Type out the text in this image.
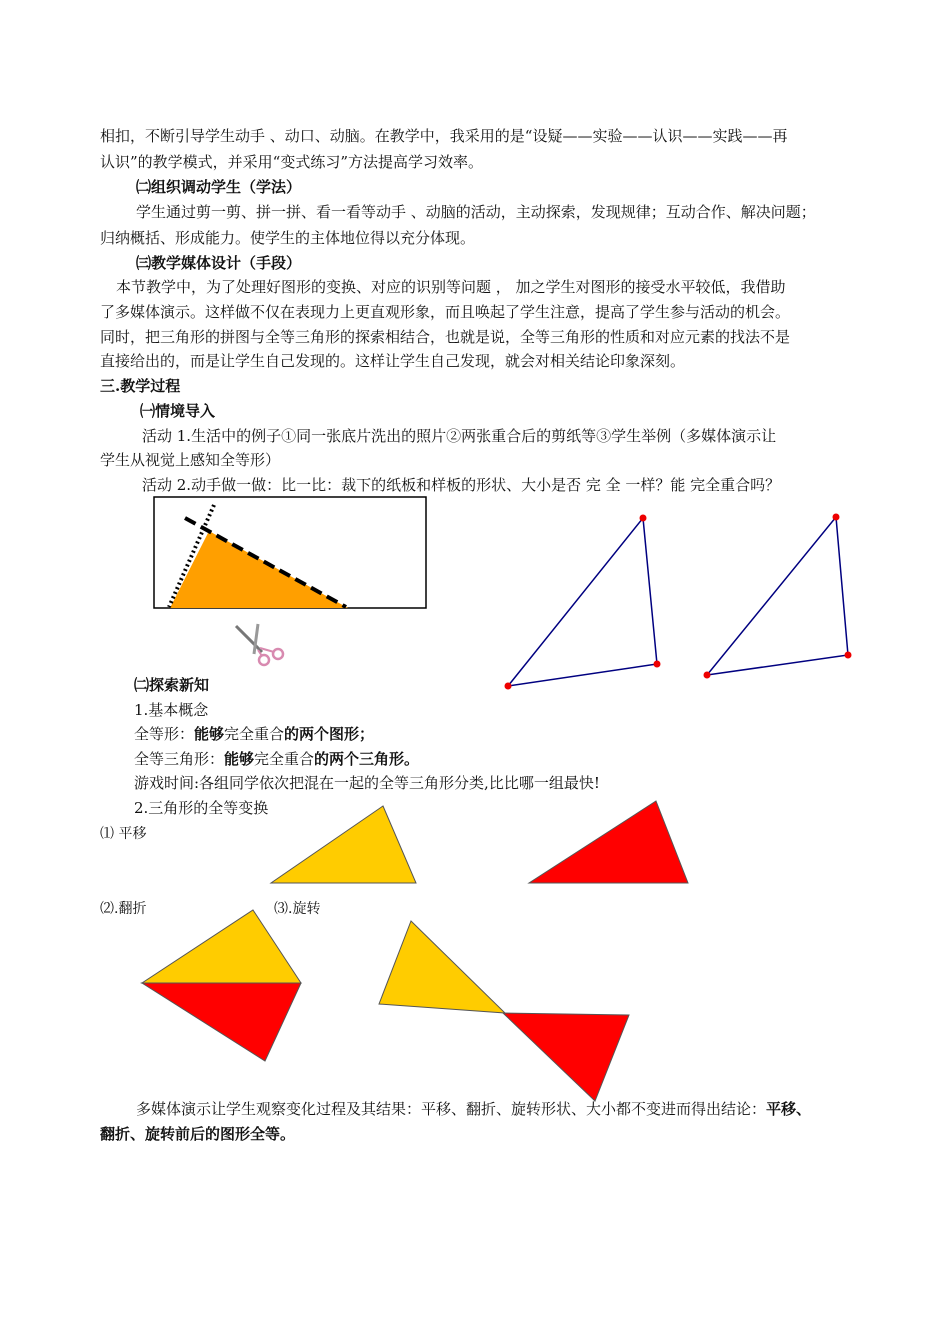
相扣，不断引导学生动手 、动口、动脑。在教学中，我采用的是“设疑——实验——认识——实践——再
认识”的教学模式，并采用“变式练习”方法提高学习效率。
㈡组织调动学生（学法）
学生通过剪一剪、拼一拼、看一看等动手 、动脑的活动，主动探索，发现规律；互动合作、解决问题；
归纳概括、形成能力。使学生的主体地位得以充分体现。
㈢教学媒体设计（手段）
本节教学中，为了处理好图形的变换、对应的识别等问题 ， 加之学生对图形的接受水平较低，我借助
了多媒体演示。这样做不仅在表现力上更直观形象，而且唤起了学生注意，提高了学生参与活动的机会。
同时，把三角形的拼图与全等三角形的探索相结合，也就是说，全等三角形的性质和对应元素的找法不是
直接给出的，而是让学生自己发现的。这样让学生自己发现，就会对相关结论印象深刻。
三.教学过程
㈠情境导入
活动 1.生活中的例子①同一张底片洗出的照片②两张重合后的剪纸等③学生举例（多媒体演示让
学生从视觉上感知全等形）
活动 2.动手做一做：比一比：裁下的纸板和样板的形状、大小是否 完 全 一样？能 完全重合吗？
㈡探索新知
1.基本概念
全等形：能够完全重合的两个图形；
全等三角形：能够完全重合的两个三角形。
游戏时间:各组同学依次把混在一起的全等三角形分类,比比哪一组最快!
2.三角形的全等变换
⑴ 平移
⑵.翻折	⑶.旋转
多媒体演示让学生观察变化过程及其结果：平移、翻折、旋转形状、大小都不变进而得出结论：平移、
翻折、旋转前后的图形全等。
